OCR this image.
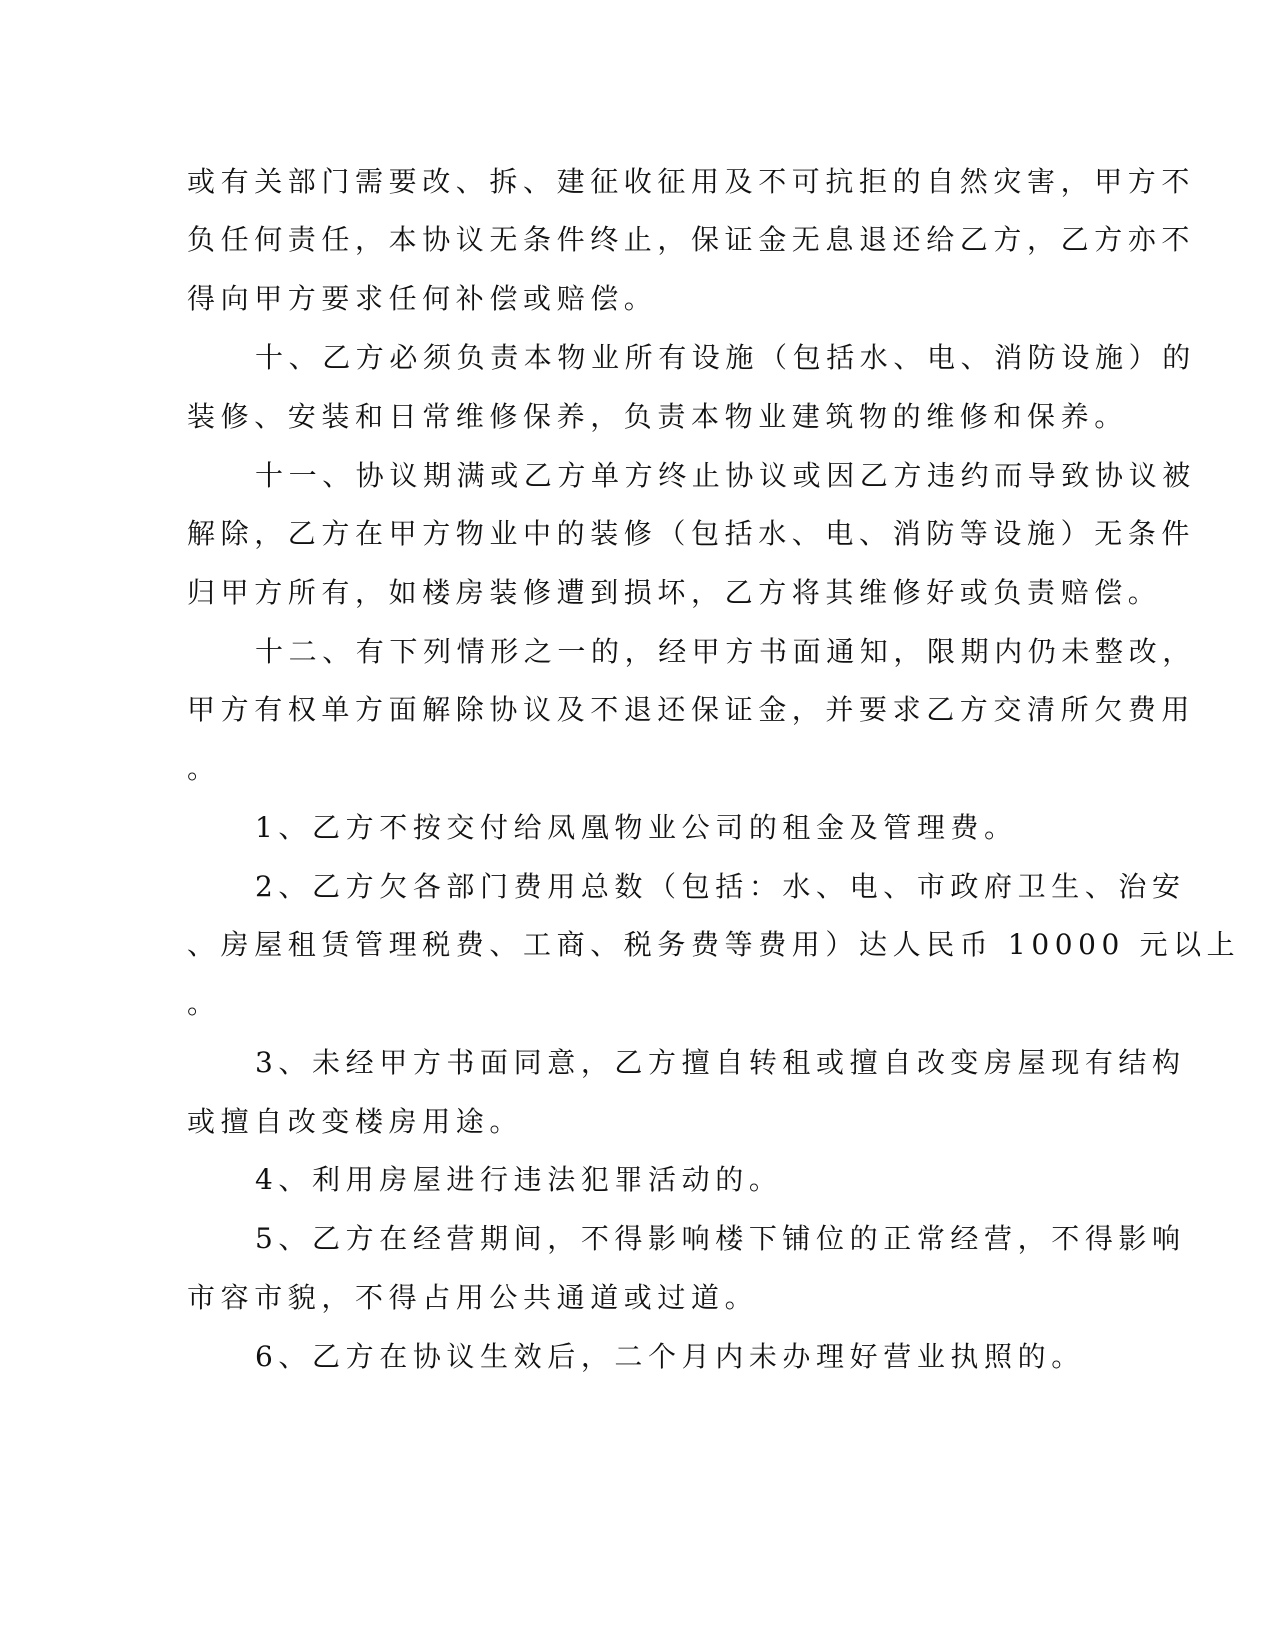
或有关部门需要改、拆、建征收征用及不可抗拒的自然灾害，甲方不
负任何责任，本协议无条件终止，保证金无息退还给乙方，乙方亦不
得向甲方要求任何补偿或赔偿。
十、乙方必须负责本物业所有设施（包括水、电、消防设施）的
装修、安装和日常维修保养，负责本物业建筑物的维修和保养。
十一、协议期满或乙方单方终止协议或因乙方违约而导致协议被
解除，乙方在甲方物业中的装修（包括水、电、消防等设施）无条件
归甲方所有，如楼房装修遭到损坏，乙方将其维修好或负责赔偿。
十二、有下列情形之一的，经甲方书面通知，限期内仍未整改，
甲方有权单方面解除协议及不退还保证金，并要求乙方交清所欠费用
。
1、乙方不按交付给凤凰物业公司的租金及管理费。
2、乙方欠各部门费用总数（包括：水、电、市政府卫生、治安
、房屋租赁管理税费、工商、税务费等费用）达人民币 10000 元以上
。
3、未经甲方书面同意，乙方擅自转租或擅自改变房屋现有结构
或擅自改变楼房用途。
4、利用房屋进行违法犯罪活动的。
5、乙方在经营期间，不得影响楼下铺位的正常经营，不得影响
市容市貌，不得占用公共通道或过道。
6、乙方在协议生效后，二个月内未办理好营业执照的。
